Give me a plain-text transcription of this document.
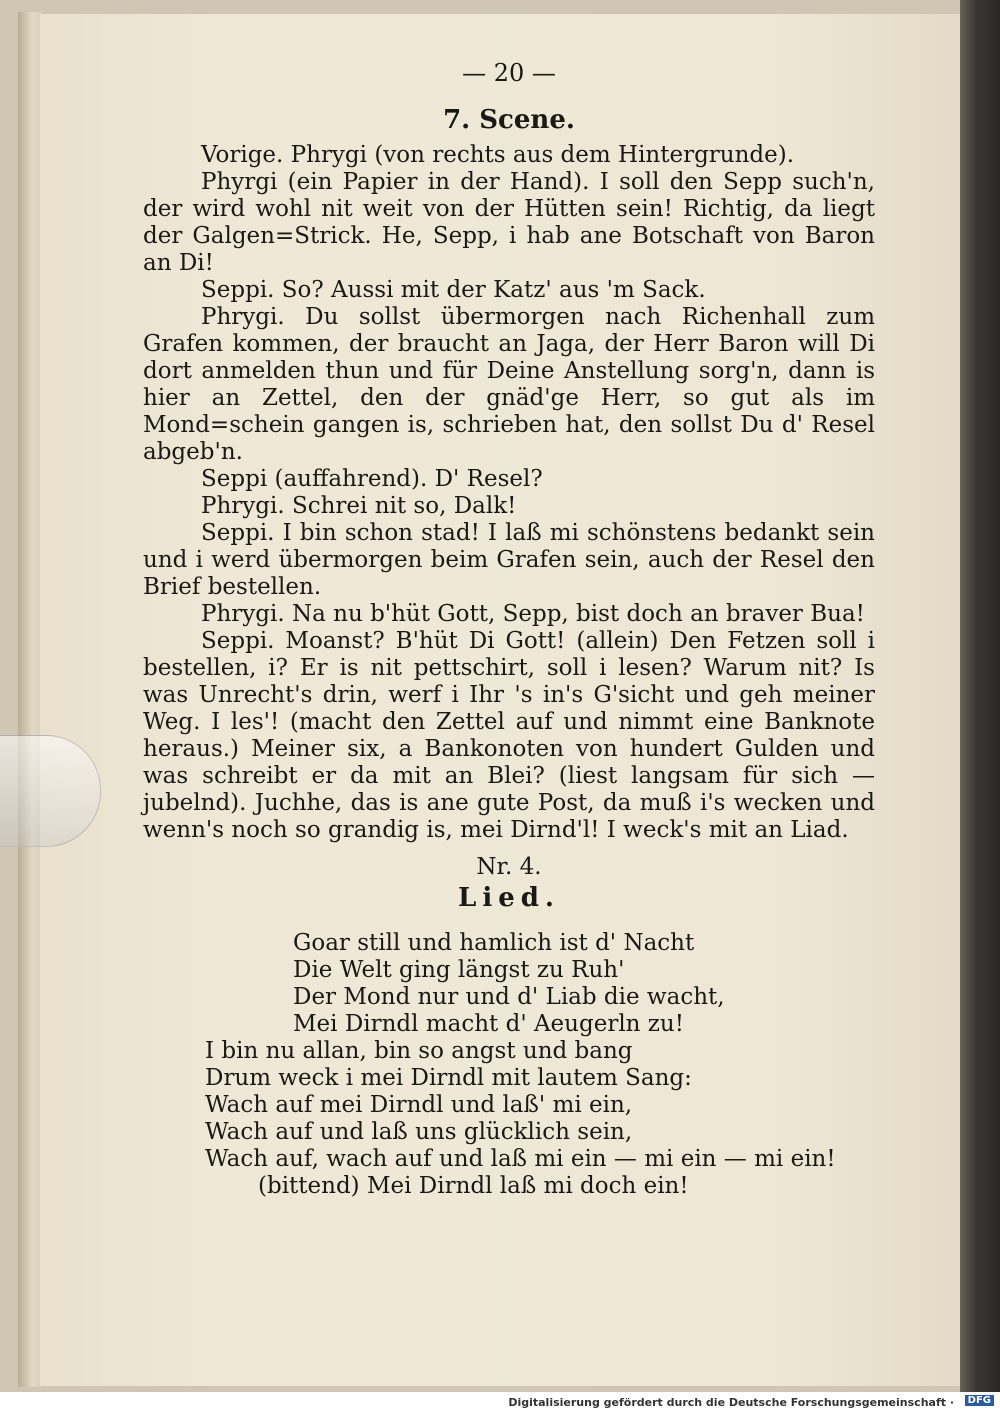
— 20 —
7. Scene.

Vorige. Phrygi (von rechts aus dem Hintergrunde).

Phyrgi (ein Papier in der Hand). I soll den Sepp such'n, der wird wohl nit weit von der Hütten sein! Richtig, da liegt der Galgen=Strick. He, Sepp, i hab ane Botschaft von Baron an Di!

Seppi. So? Aussi mit der Katz' aus 'm Sack.

Phrygi. Du sollst übermorgen nach Richenhall zum Grafen kommen, der braucht an Jaga, der Herr Baron will Di dort anmelden thun und für Deine Anstellung sorg'n, dann is hier an Zettel, den der gnäd'ge Herr, so gut als im Mond=schein gangen is, schrieben hat, den sollst Du d' Resel abgeb'n.

Seppi (auffahrend). D' Resel?

Phrygi. Schrei nit so, Dalk!

Seppi. I bin schon stad! I laß mi schönstens bedankt sein und i werd übermorgen beim Grafen sein, auch der Resel den Brief bestellen.

Phrygi. Na nu b'hüt Gott, Sepp, bist doch an braver Bua!

Seppi. Moanst? B'hüt Di Gott! (allein) Den Fetzen soll i bestellen, i? Er is nit pettschirt, soll i lesen? Warum nit? Is was Unrecht's drin, werf i Ihr 's in's G'sicht und geh meiner Weg. I les'! (macht den Zettel auf und nimmt eine Banknote heraus.) Meiner six, a Bankonoten von hundert Gulden und was schreibt er da mit an Blei? (liest langsam für sich — jubelnd). Juchhe, das is ane gute Post, da muß i's wecken und wenn's noch so grandig is, mei Dirnd'l! I weck's mit an Liad.

Nr. 4.
Lied.

Goar still und hamlich ist d' Nacht

Die Welt ging längst zu Ruh'

Der Mond nur und d' Liab die wacht,

Mei Dirndl macht d' Aeugerln zu!

I bin nu allan, bin so angst und bang

Drum weck i mei Dirndl mit lautem Sang:

Wach auf mei Dirndl und laß' mi ein,

Wach auf und laß uns glücklich sein,

Wach auf, wach auf und laß mi ein — mi ein — mi ein!

(bittend) Mei Dirndl laß mi doch ein!

Digitalisierung gefördert durch die Deutsche Forschungsgemeinschaft ·	DFG
